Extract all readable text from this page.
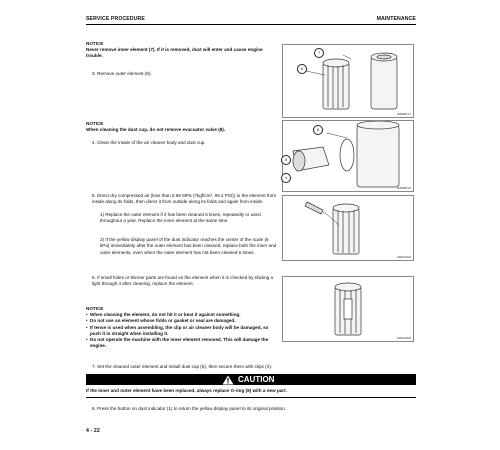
SERVICE PROCEDURE	MAINTENANCE
NOTICE
Never remove inner element (7). If it is removed, dust will enter and cause engine trouble.
3. Remove outer element (6).
7
6
SMM080-17
NOTICE
When cleaning the dust cup, do not remove evacuator valve (8).
4. Clean the inside of the air cleaner body and dust cup.
8
5
4
SMM080-18
5. Direct dry compressed air (less than 0.69 MPa (7kgf/cm², 99.4 PSI)) to the element from inside along its folds, then direct it from outside along its folds and again from inside.
1) Replace the outer element if it has been cleaned 6 times, repeatedly or used throughout a year. Replace the inner element at the same time.
2) If the yellow display panel of the dust indicator reaches the center of the scale (6 kPa) immediately after the outer element has been cleaned, replace both the inner and outer elements, even when the outer element has not been cleaned 6 times.
6. If small holes or thinner parts are found on the element when it is checked by shining a light through it after cleaning, replace the element.
ASM010420
ASM010440
NOTICE
• When cleaning the element, do not hit it or beat it against something.
• Do not use an element whose folds or gasket or seal are damaged.
• If tense is used when assembling, the clip or air cleaner body will be damaged, so push it in straight when installing it.
• Do not operate the machine with the inner element removed. This will damage the engine.
7. Set the cleaned outer element and install dust cup (5), then secure them with clips (4).
CAUTION
If the inner and outer element have been replaced, always replace O-ring (8) with a new part.
8. Press the button on dust indicator (1) to return the yellow display panel to its original position.
4 - 22
